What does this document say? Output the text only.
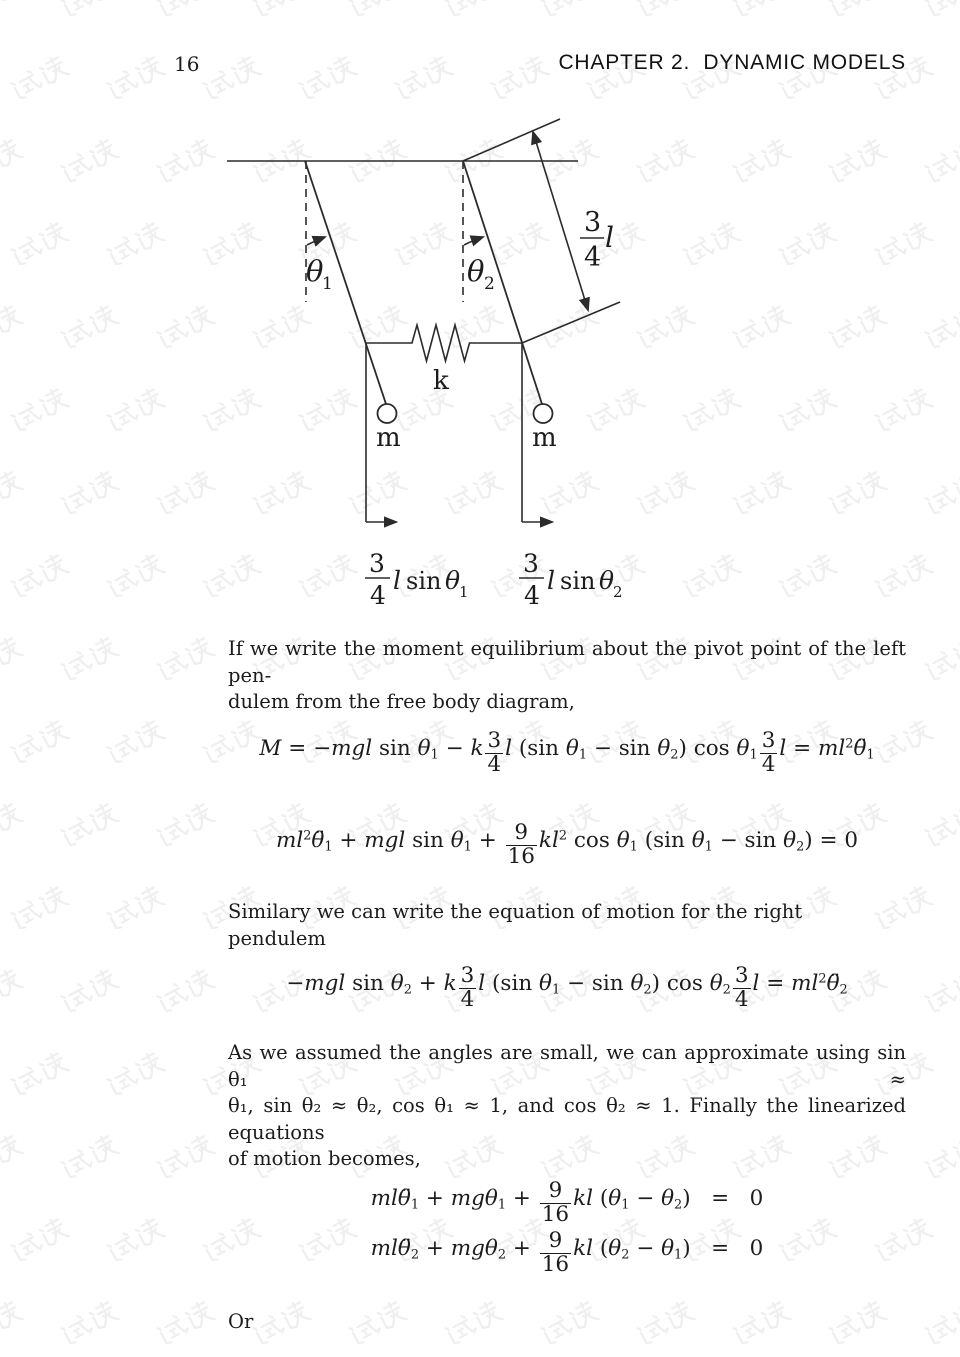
16	CHAPTER 2.  DYNAMIC MODELS
θ
1	θ 2
k
m	m
3
4
l
3
4
l sin θ
1
3
4
l sin θ
2
If we write the moment equilibrium about the pivot point of the left pen-
dulem from the free body diagram,
M = −mgl $\sin \theta_1 - k \frac{3}{4}$ l (sin $\theta_1 - \sin \theta_2$) $\cos \theta_1 \frac{3}{4}$ $l = ml^2\thetä_1$
$ml^2\thetä_1$ + mgl $\sin \theta_1 + \frac{9}{16} kl^2$ $\cos \theta_1$ (sin $\theta_1 - \sin \theta_2) = 0$
Similary we can write the equation of motion for the right pendulem
−mgl $\sin \theta_2 + k \frac{3}{4}$ l (sin $\theta_1 - \sin \theta_2$) $\cos \theta_2 \frac{3}{4}$ $l = ml^2\thetä_2$
As we assumed the angles are small, we can approximate using sin θ₁ ≈
θ₁, sin θ₂ ≈ θ₂, cos θ₁ ≈ 1, and cos θ₂ ≈ 1. Finally the linearized equations
of motion becomes,
$ml\thetä_1 + mg\theta_1 + \frac{9}{16}$ kl $(\theta_1 - \theta_2) = 0$
$ml\thetä_2 + mg\theta_2 + \frac{9}{16}$ kl $(\theta_2 - \theta_1) = 0$
Or
